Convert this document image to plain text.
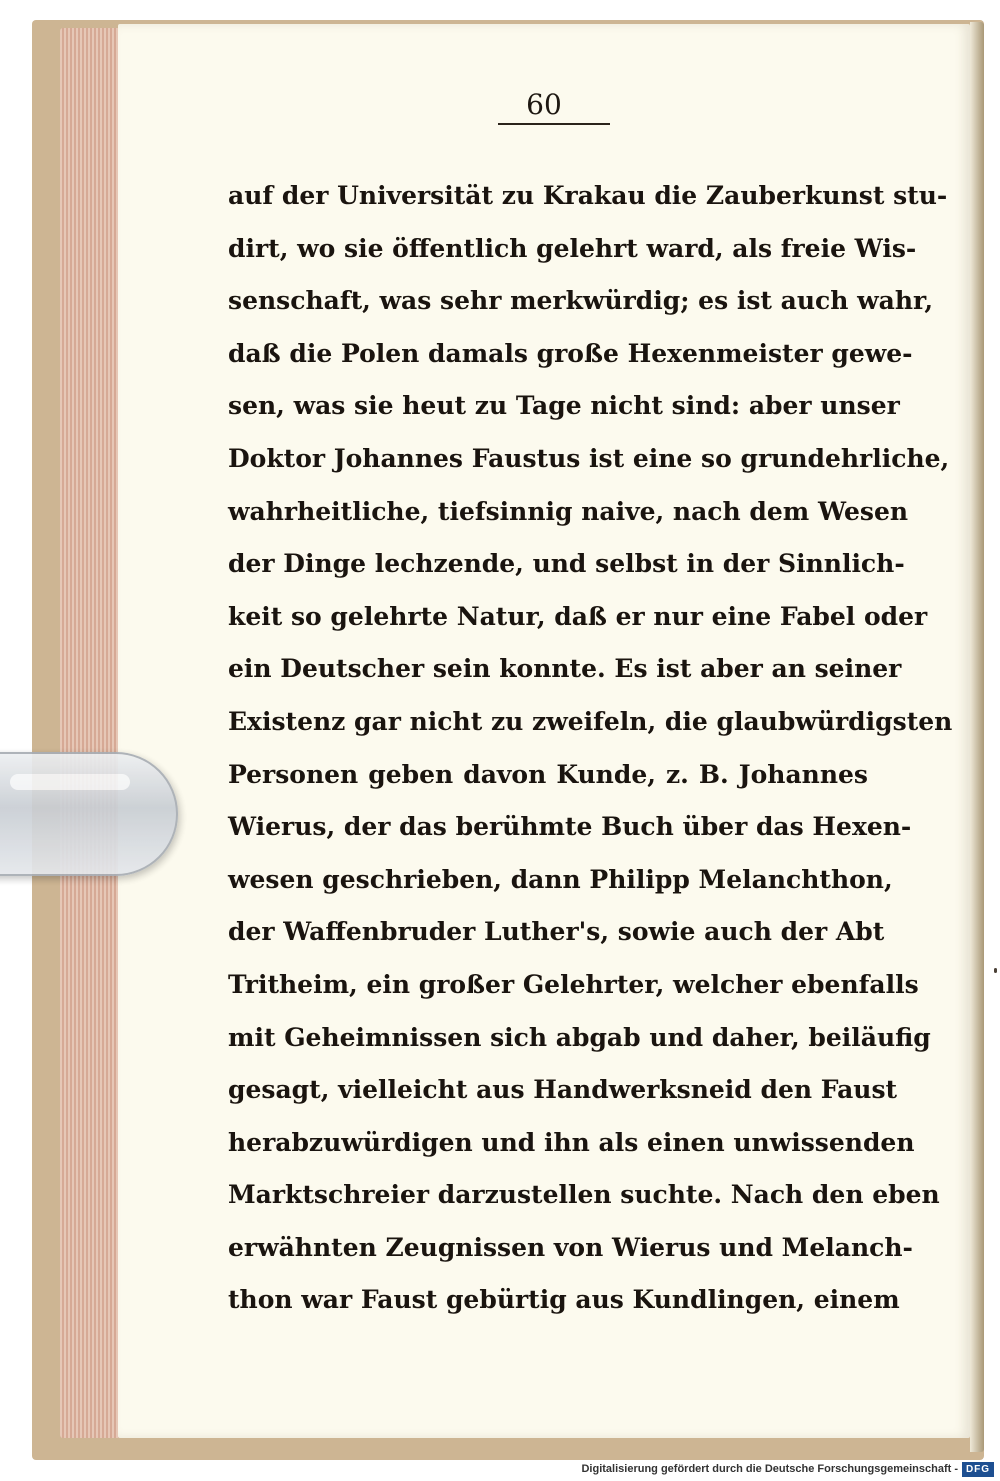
60
auf der Universität zu Krakau die Zauberkunst stu-
dirt, wo sie öffentlich gelehrt ward, als freie Wis-
senschaft, was sehr merkwürdig; es ist auch wahr,
daß die Polen damals große Hexenmeister gewe-
sen, was sie heut zu Tage nicht sind: aber unser
Doktor Johannes Faustus ist eine so grundehrliche,
wahrheitliche, tiefsinnig naive, nach dem Wesen
der Dinge lechzende, und selbst in der Sinnlich-
keit so gelehrte Natur, daß er nur eine Fabel oder
ein Deutscher sein konnte. Es ist aber an seiner
Existenz gar nicht zu zweifeln, die glaubwürdigsten
Personen geben davon Kunde, z. B. Johannes
Wierus, der das berühmte Buch über das Hexen-
wesen geschrieben, dann Philipp Melanchthon,
der Waffenbruder Luther's, sowie auch der Abt
Tritheim, ein großer Gelehrter, welcher ebenfalls
mit Geheimnissen sich abgab und daher, beiläufig
gesagt, vielleicht aus Handwerksneid den Faust
herabzuwürdigen und ihn als einen unwissenden
Marktschreier darzustellen suchte. Nach den eben
erwähnten Zeugnissen von Wierus und Melanch-
thon war Faust gebürtig aus Kundlingen, einem
Digitalisierung gefördert durch die Deutsche Forschungsgemeinschaft - DFG
